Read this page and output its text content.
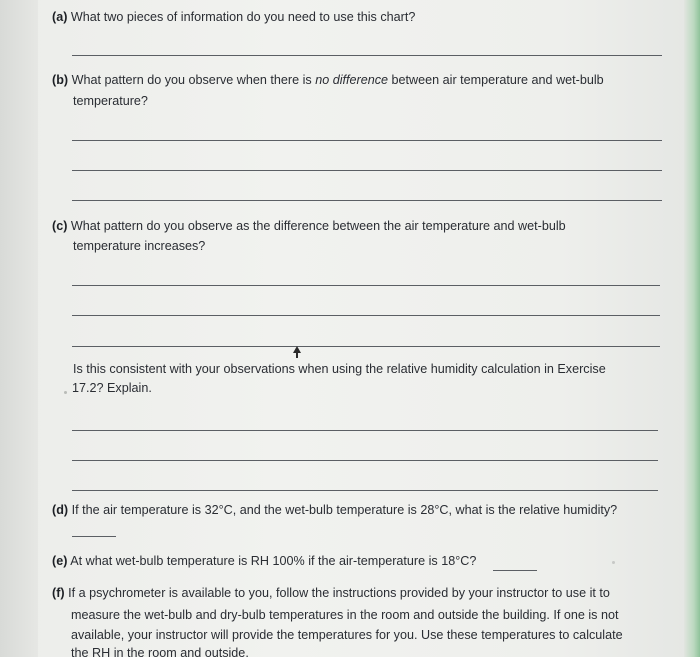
(a) What two pieces of information do you need to use this chart?
(b) What pattern do you observe when there is no difference between air temperature and wet-bulb
temperature?
(c) What pattern do you observe as the difference between the air temperature and wet-bulb
temperature increases?
Is this consistent with your observations when using the relative humidity calculation in Exercise
17.2? Explain.
(d) If the air temperature is 32°C, and the wet-bulb temperature is 28°C, what is the relative humidity?
(e) At what wet-bulb temperature is RH 100% if the air-temperature is 18°C?
(f) If a psychrometer is available to you, follow the instructions provided by your instructor to use it to
measure the wet-bulb and dry-bulb temperatures in the room and outside the building. If one is not
available, your instructor will provide the temperatures for you. Use these temperatures to calculate
the RH in the room and outside.
